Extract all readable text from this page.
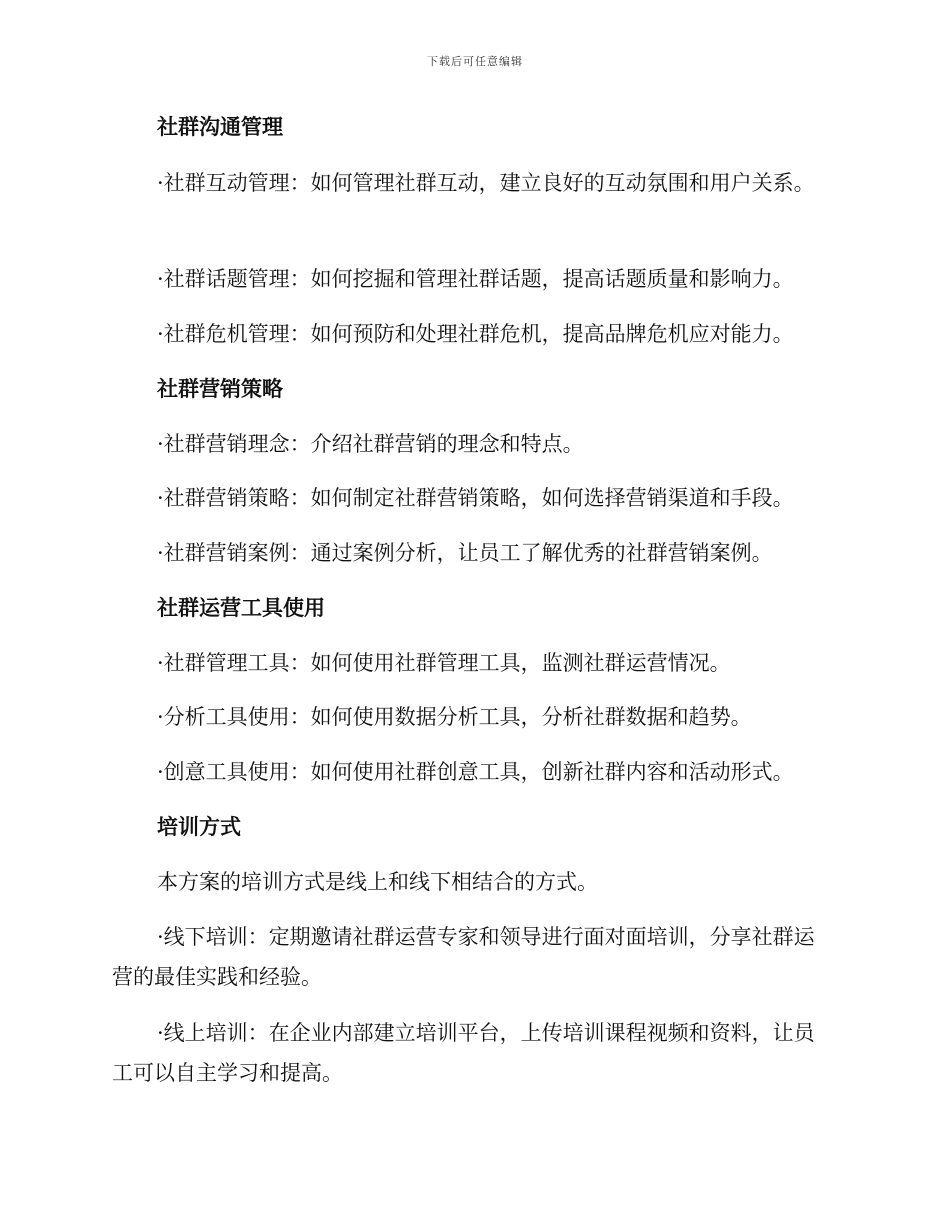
下载后可任意编辑
社群沟通管理
·社群互动管理：如何管理社群互动，建立良好的互动氛围和用户关系。
·社群话题管理：如何挖掘和管理社群话题，提高话题质量和影响力。
·社群危机管理：如何预防和处理社群危机，提高品牌危机应对能力。
社群营销策略
·社群营销理念：介绍社群营销的理念和特点。
·社群营销策略：如何制定社群营销策略，如何选择营销渠道和手段。
·社群营销案例：通过案例分析，让员工了解优秀的社群营销案例。
社群运营工具使用
·社群管理工具：如何使用社群管理工具，监测社群运营情况。
·分析工具使用：如何使用数据分析工具，分析社群数据和趋势。
·创意工具使用：如何使用社群创意工具，创新社群内容和活动形式。
培训方式
本方案的培训方式是线上和线下相结合的方式。
·线下培训：定期邀请社群运营专家和领导进行面对面培训，分享社群运营的最佳实践和经验。
·线上培训：在企业内部建立培训平台，上传培训课程视频和资料，让员工可以自主学习和提高。
